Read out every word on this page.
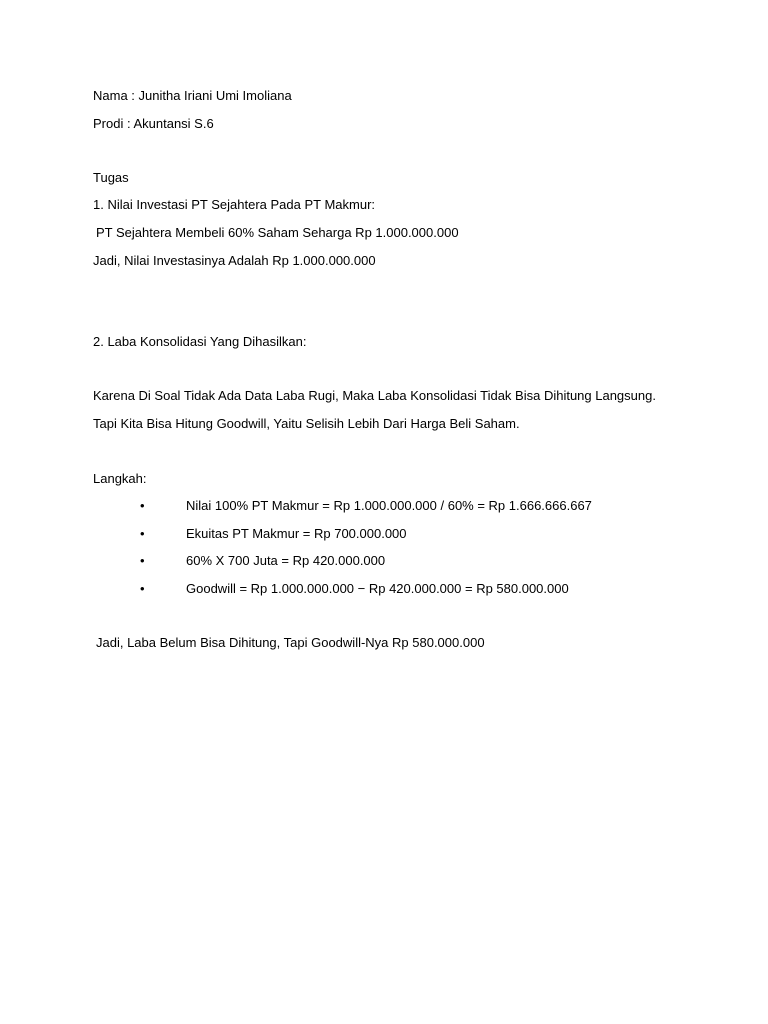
Nama : Junitha Iriani Umi Imoliana
Prodi : Akuntansi S.6
Tugas
1. Nilai Investasi PT Sejahtera Pada PT Makmur:
PT Sejahtera Membeli 60% Saham Seharga Rp 1.000.000.000
Jadi, Nilai Investasinya Adalah Rp 1.000.000.000
2. Laba Konsolidasi Yang Dihasilkan:
Karena Di Soal Tidak Ada Data Laba Rugi, Maka Laba Konsolidasi Tidak Bisa Dihitung Langsung.
Tapi Kita Bisa Hitung Goodwill, Yaitu Selisih Lebih Dari Harga Beli Saham.
Langkah:
•	Nilai 100% PT Makmur = Rp 1.000.000.000 / 60% = Rp 1.666.666.667
•	Ekuitas PT Makmur = Rp 700.000.000
•	60% X 700 Juta = Rp 420.000.000
•	Goodwill = Rp 1.000.000.000 − Rp 420.000.000 = Rp 580.000.000
Jadi, Laba Belum Bisa Dihitung, Tapi Goodwill-Nya Rp 580.000.000
